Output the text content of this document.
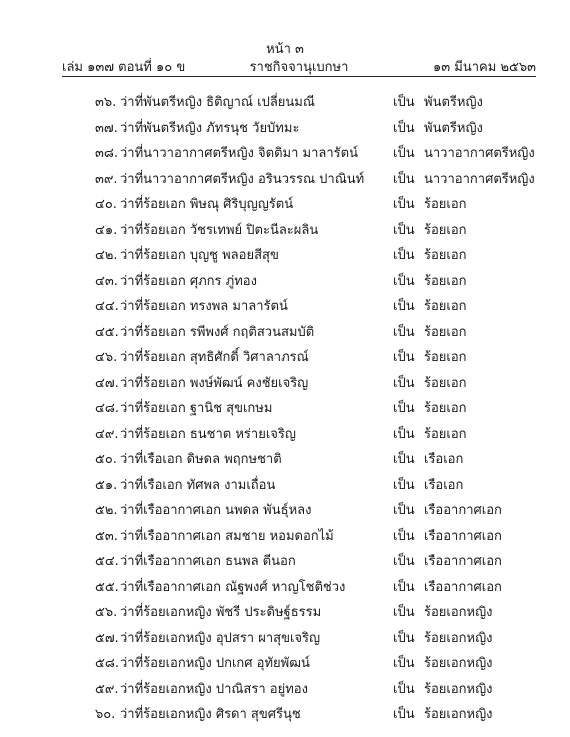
หน้า ๓
เล่ม ๑๓๗ ตอนที่ ๑๐ ข	ราชกิจจานุเบกษา	๑๓ มีนาคม ๒๕๖๓
๓๖. ว่าที่พันตรีหญิง ธิติญาณ์ เปลี่ยนมณี	เป็น พันตรีหญิง
๓๗. ว่าที่พันตรีหญิง ภัทรนุช วัยบัทมะ	เป็น พันตรีหญิง
๓๘. ว่าที่นาวาอากาศตรีหญิง จิตติมา มาลารัตน์	เป็น นาวาอากาศตรีหญิง
๓๙. ว่าที่นาวาอากาศตรีหญิง อรินวรรณ ปาณินท์ เป็น นาวาอากาศตรีหญิง
๔๐. ว่าที่ร้อยเอก พิษณุ ศิริบุญญรัตน์	เป็น ร้อยเอก
๔๑. ว่าที่ร้อยเอก วัชรเทพย์ ปิตะนีละผลิน	เป็น ร้อยเอก
๔๒. ว่าที่ร้อยเอก บุญชู พลอยสีสุข	เป็น ร้อยเอก
๔๓. ว่าที่ร้อยเอก ศุภกร ภู่ทอง	เป็น ร้อยเอก
๔๔. ว่าที่ร้อยเอก ทรงพล มาลารัตน์	เป็น ร้อยเอก
๔๕. ว่าที่ร้อยเอก รพีพงศ์ กฤติสวนสมบัติ	เป็น ร้อยเอก
๔๖. ว่าที่ร้อยเอก สุทธิศักดิ์ วิศาลาภรณ์	เป็น ร้อยเอก
๔๗. ว่าที่ร้อยเอก พงษ์พัฒน์ คงชัยเจริญ	เป็น ร้อยเอก
๔๘. ว่าที่ร้อยเอก ฐานิช สุขเกษม	เป็น ร้อยเอก
๔๙. ว่าที่ร้อยเอก ธนชาต หร่ายเจริญ	เป็น ร้อยเอก
๕๐. ว่าที่เรือเอก ดิษดล พฤกษชาติ	เป็น เรือเอก
๕๑. ว่าที่เรือเอก ทัศพล งามเถื่อน	เป็น เรือเอก
๕๒. ว่าที่เรืออากาศเอก นพดล พันธุ์หลง	เป็น เรืออากาศเอก
๕๓. ว่าที่เรืออากาศเอก สมชาย หอมดอกไม้	เป็น เรืออากาศเอก
๕๔. ว่าที่เรืออากาศเอก ธนพล ตีนอก	เป็น เรืออากาศเอก
๕๕. ว่าที่เรืออากาศเอก ณัฐพงศ์ หาญโชติช่วง	เป็น เรืออากาศเอก
๕๖. ว่าที่ร้อยเอกหญิง พัชรี ประดิษฐ์ธรรม	เป็น ร้อยเอกหญิง
๕๗. ว่าที่ร้อยเอกหญิง อุปสรา ผาสุขเจริญ	เป็น ร้อยเอกหญิง
๕๘. ว่าที่ร้อยเอกหญิง ปกเกศ อุทัยพัฒน์	เป็น ร้อยเอกหญิง
๕๙. ว่าที่ร้อยเอกหญิง ปาณิสรา อยู่ทอง	เป็น ร้อยเอกหญิง
๖๐. ว่าที่ร้อยเอกหญิง ศิรดา สุขศรีนุช	เป็น ร้อยเอกหญิง
